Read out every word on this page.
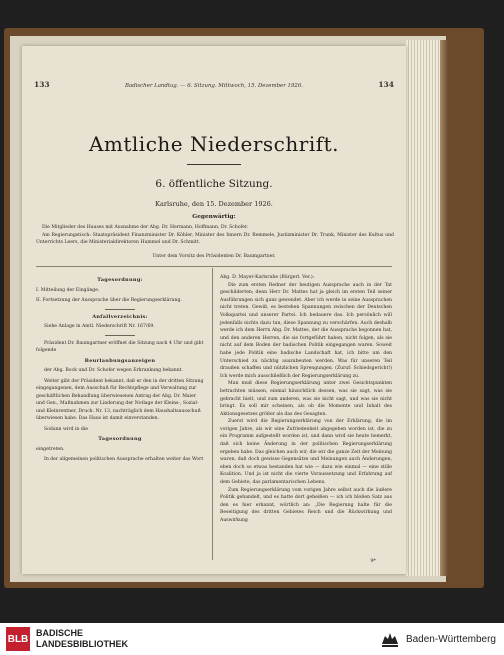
133	Badischer Landtag. — 6. Sitzung. Mittwoch, 15. Dezember 1926.	134
Amtliche Niederschrift.
6. öffentliche Sitzung.
Karlsruhe, den 15. Dezember 1926.
Gegenwärtig:

Die Mitglieder des Hauses mit Ausnahme der Abg. Dr. Hermann, Hoffmann, Dr. Schofer.

Am Regierungstisch: Staatspräsident Finanzminister Dr. Köhler, Minister des Innern Dr. Remmele, Justizminister Dr. Trunk, Minister des Kultus und Unterrichts Leers, die Ministerialdirektoren Hummel und Dr. Schmitt.

Unter dem Vorsitz des Präsidenten Dr. Baumgartner.
Tagesordnung:

I. Mitteilung der Eingänge.

II. Fortsetzung der Aussprache über die Regierungserklärung.

Anfallverzeichnis:

Siehe Anlage in Amtl. Niederschrift Nr. 167/69.

Präsident Dr. Baumgartner eröffnet die Sitzung nach 4 Uhr und gibt folgende

Beurlaubungsanzeigen

der Abg. Bock und Dr. Schofer wegen Erkrankung bekannt.

Weiter gibt der Präsident bekannt, daß er den in der dritten Sitzung eingegangenen, dem Ausschuß für Rechtspflege und Verwaltung zur geschäftlichen Behandlung überwiesenen Antrag der Abg. Dr. Maier und Gen., Maßnahmen zur Linderung der Notlage der Kleins-, Sozial- und Kleinrentner, Druck. Nr. 13, nachträglich dem Haushaltsausschuß überwiesen habe. Das Haus ist damit einverstanden.

Sodann wird in die

Tagesordnung

eingetreten.

In der allgemeinen politischen Aussprache erhalten weiter das Wort

Abg. D. Mayer-Karlsruhe (Bürgerl. Ver.):

Die zum ersten Redner der heutigen Aussprache auch in der Tat geschilderten; denn Herr Dr. Mattes hat ja gleich im ersten Teil seiner Ausführungen sich ganz gewendet. Aber ich werde in seine Aussprachen nicht treten. Gewiß, es bestehen Spannungen zwischen der Deutschen Volkspartei und unserer Partei. Ich bedauere das. Ich persönlich will jedenfalls nichts dazu tun, diese Spannung zu verschärfen. Auch deshalb werde ich dem Herrn Abg. Dr. Mattes, der die Aussprache begonnen hat, und den anderen Herren, die sie fortgeführt haben, nicht folgen, als sie nicht auf dem Boden der badischen Politik eingegangen waren. Soweit habe jede Politik eine badische Landschaft hat, ich bitte um den Unterschied zu nächtig auszubeuten werden. Was für unseren Teil draußen schaffen und nützlichen Sprengungen. (Zuruf: Schiedsgericht!) Ich werde mich ausschließlich der Regierungserklärung zu.

Man muß diese Regierungserklärung unter zwei Gesichtspunkten betrachten müssen, einmal hinsichtlich dessen, was sie sagt, was sie gebracht hielt, und zum anderen, was sie nicht sagt, und was sie nicht bringt. Es soll mir scheinen, als ob die Momente und Inhalt des Aktionsgesetzes größer als das des Gesagten.

Zuerst wird die Regierungserklärung von der Erklärung, die im vorigen Jahre, als wir eine Zufriedenheit abgegeben worden ist, die zu ein Programm aufgestellt worden ist, und dann wird sie heute bemerkt, daß sich keine Änderung in der politischen Regierungserklärung ergeben habe. Das gleichen auch wir, die wir die ganze Zeit der Meinung waren, daß doch gewisse Gegensätze und Meinungen auch Änderungen, eben doch so etwas bestanden hat wie — dazu wie einmal — eine stille Koalition. Und ja ist nicht die vierte Voraussetzung und Erfahrung auf dem Gebiete, das parlamentarischen Lebens.

Zum Regierungserklärung vom vorigen Jahre selbst auch die äußere Politik gehandelt, und es hatte dort geheißen — ich ich bloßen Satz aus den es hier erkannt, wörtlich an: „Die Regierung halte für die Beseitigung des dritten Gebietes Reich und die Rückwirkung und Auswirkung

9*
BLB
BADISCHE
LANDESBIBLIOTHEK	Baden-Württemberg
